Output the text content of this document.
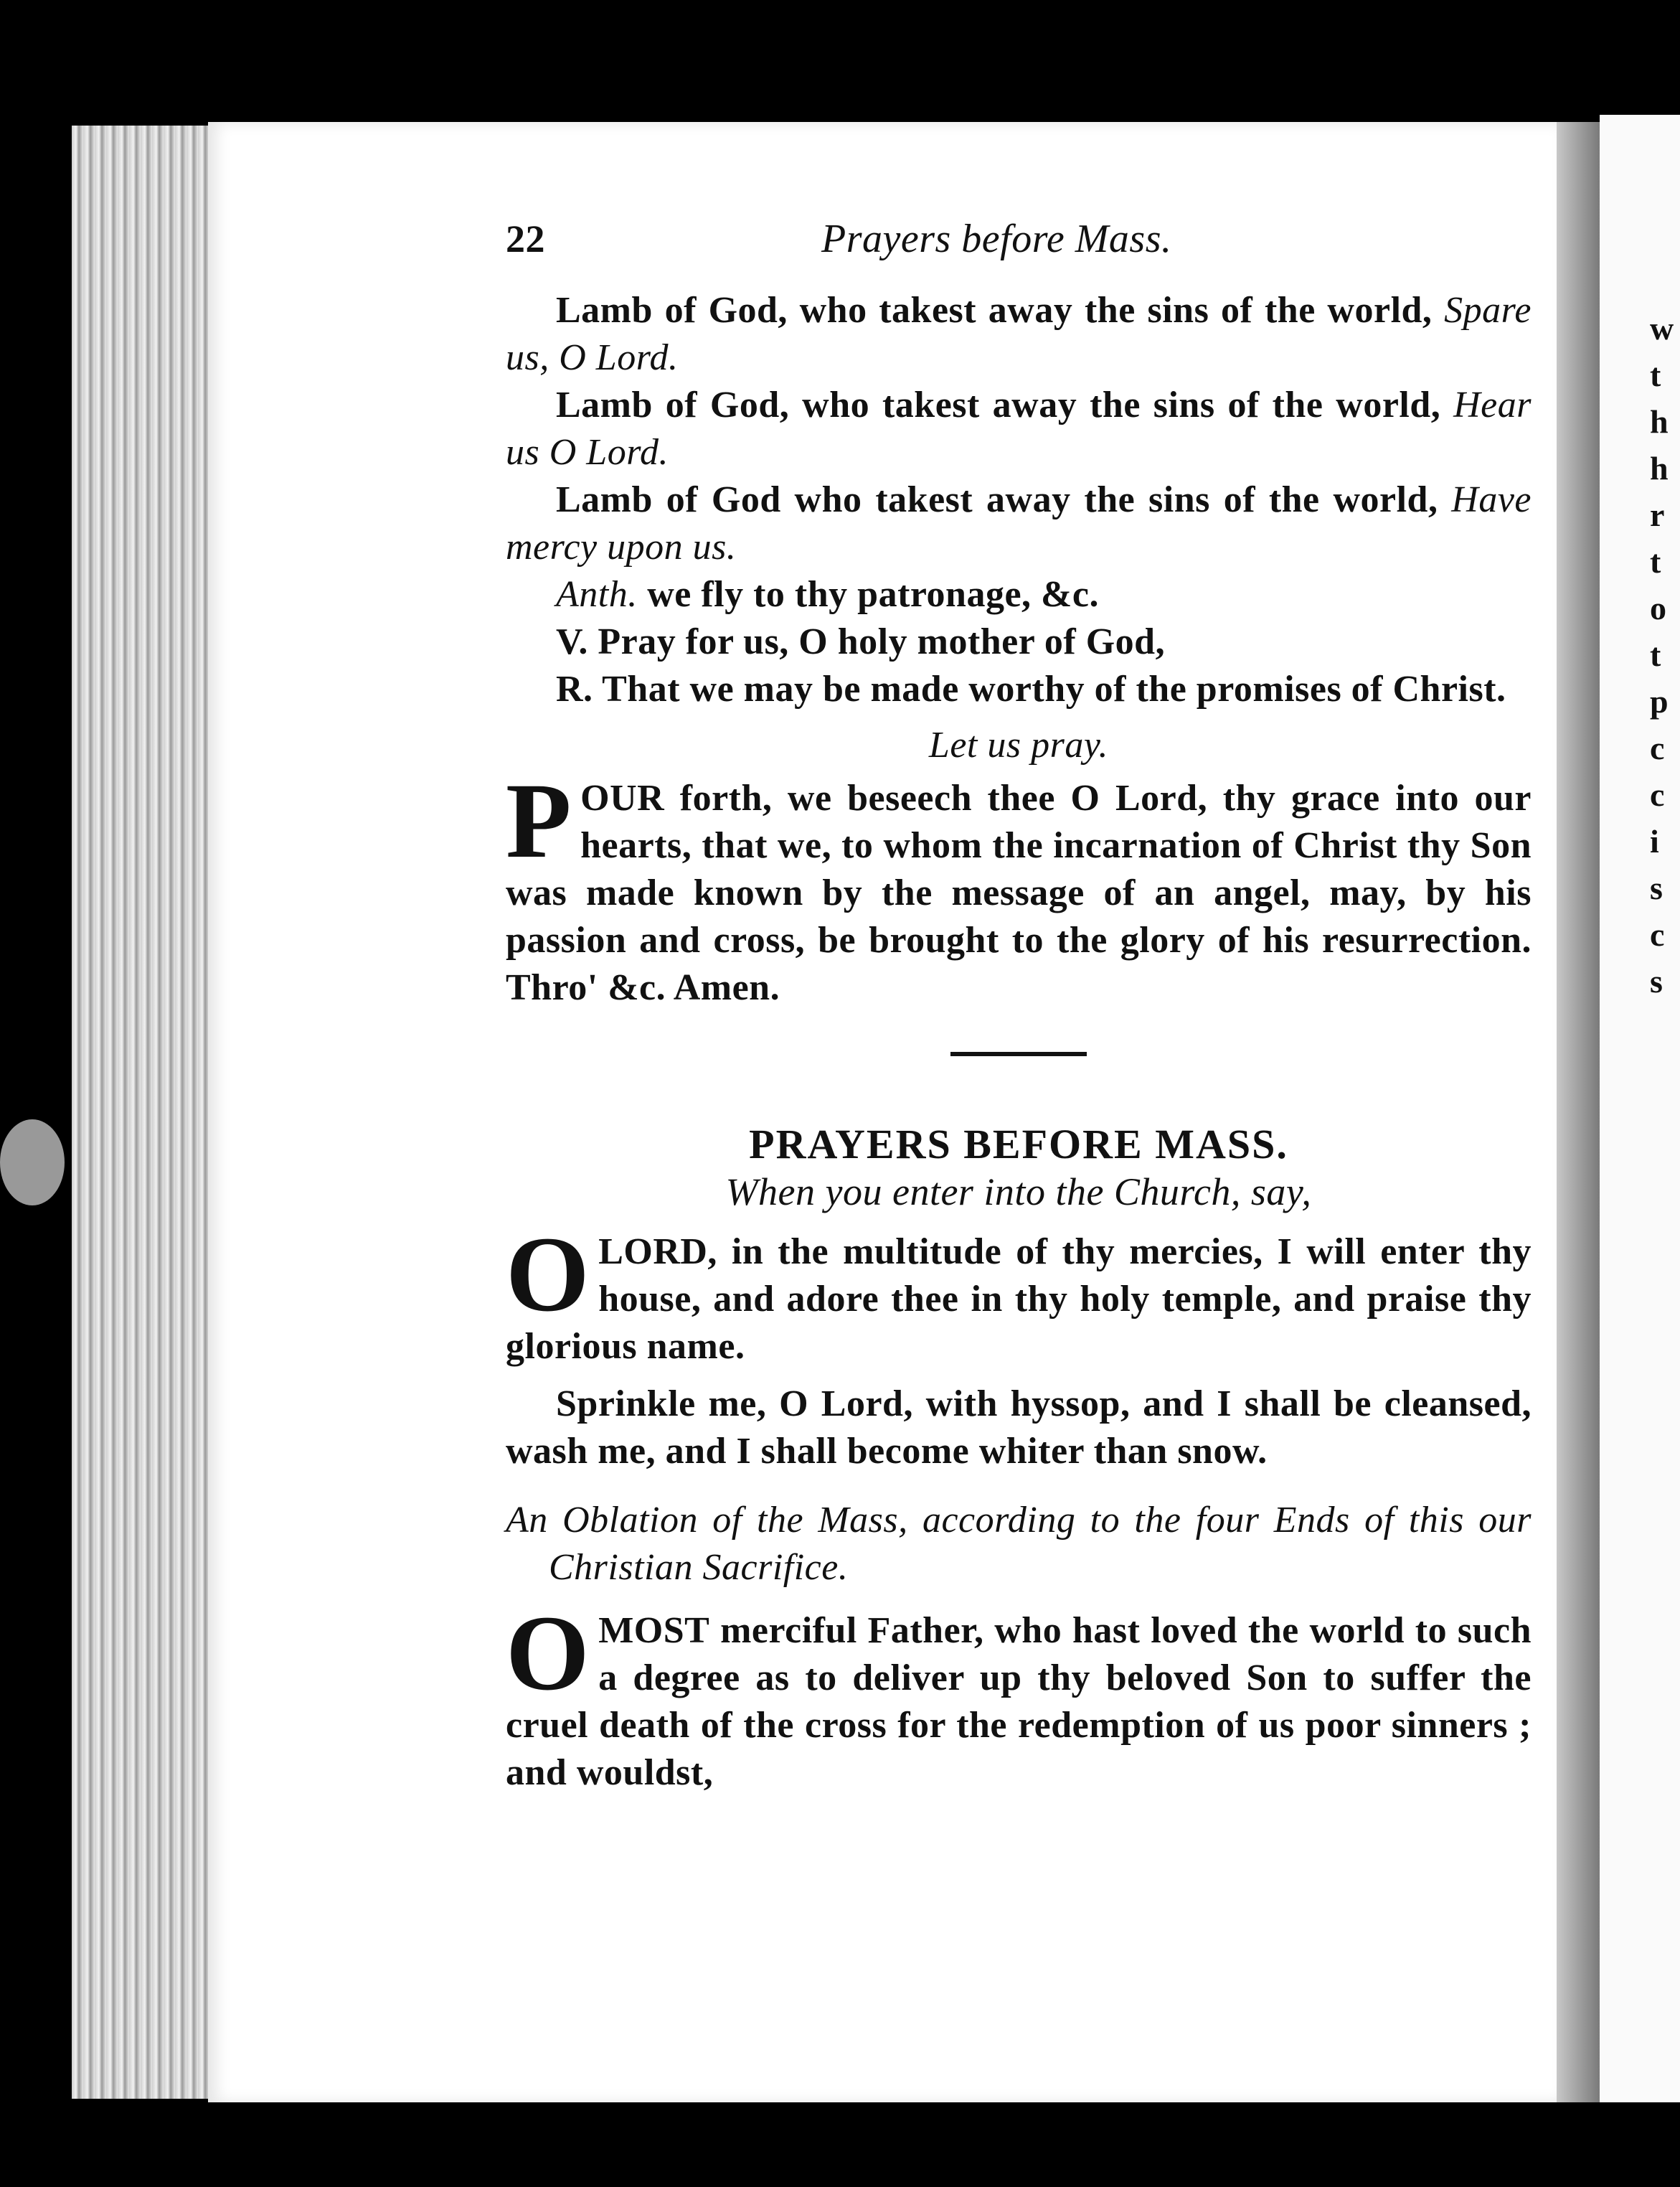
w
t
h
h
r
t
o
t
p
c
c
i
s
c
s
22	Prayers before Mass.

Lamb of God, who takest away the sins of the world, Spare us, O Lord.

Lamb of God, who takest away the sins of the world, Hear us O Lord.

Lamb of God who takest away the sins of the world, Have mercy upon us.

Anth. we fly to thy patronage, &c.

V. Pray for us, O holy mother of God,

R. That we may be made worthy of the promises of Christ.

Let us pray.

POUR forth, we beseech thee O Lord, thy grace into our hearts, that we, to whom the incarnation of Christ thy Son was made known by the message of an angel, may, by his passion and cross, be brought to the glory of his resurrection. Thro' &c. Amen.

PRAYERS BEFORE MASS.
When you enter into the Church, say,

OLORD, in the multitude of thy mercies, I will enter thy house, and adore thee in thy holy temple, and praise thy glorious name.

Sprinkle me, O Lord, with hyssop, and I shall be cleansed, wash me, and I shall become whiter than snow.

An Oblation of the Mass, according to the four Ends of this our Christian Sacrifice.

OMOST merciful Father, who hast loved the world to such a degree as to deliver up thy beloved Son to suffer the cruel death of the cross for the redemption of us poor sinners ; and wouldst,
